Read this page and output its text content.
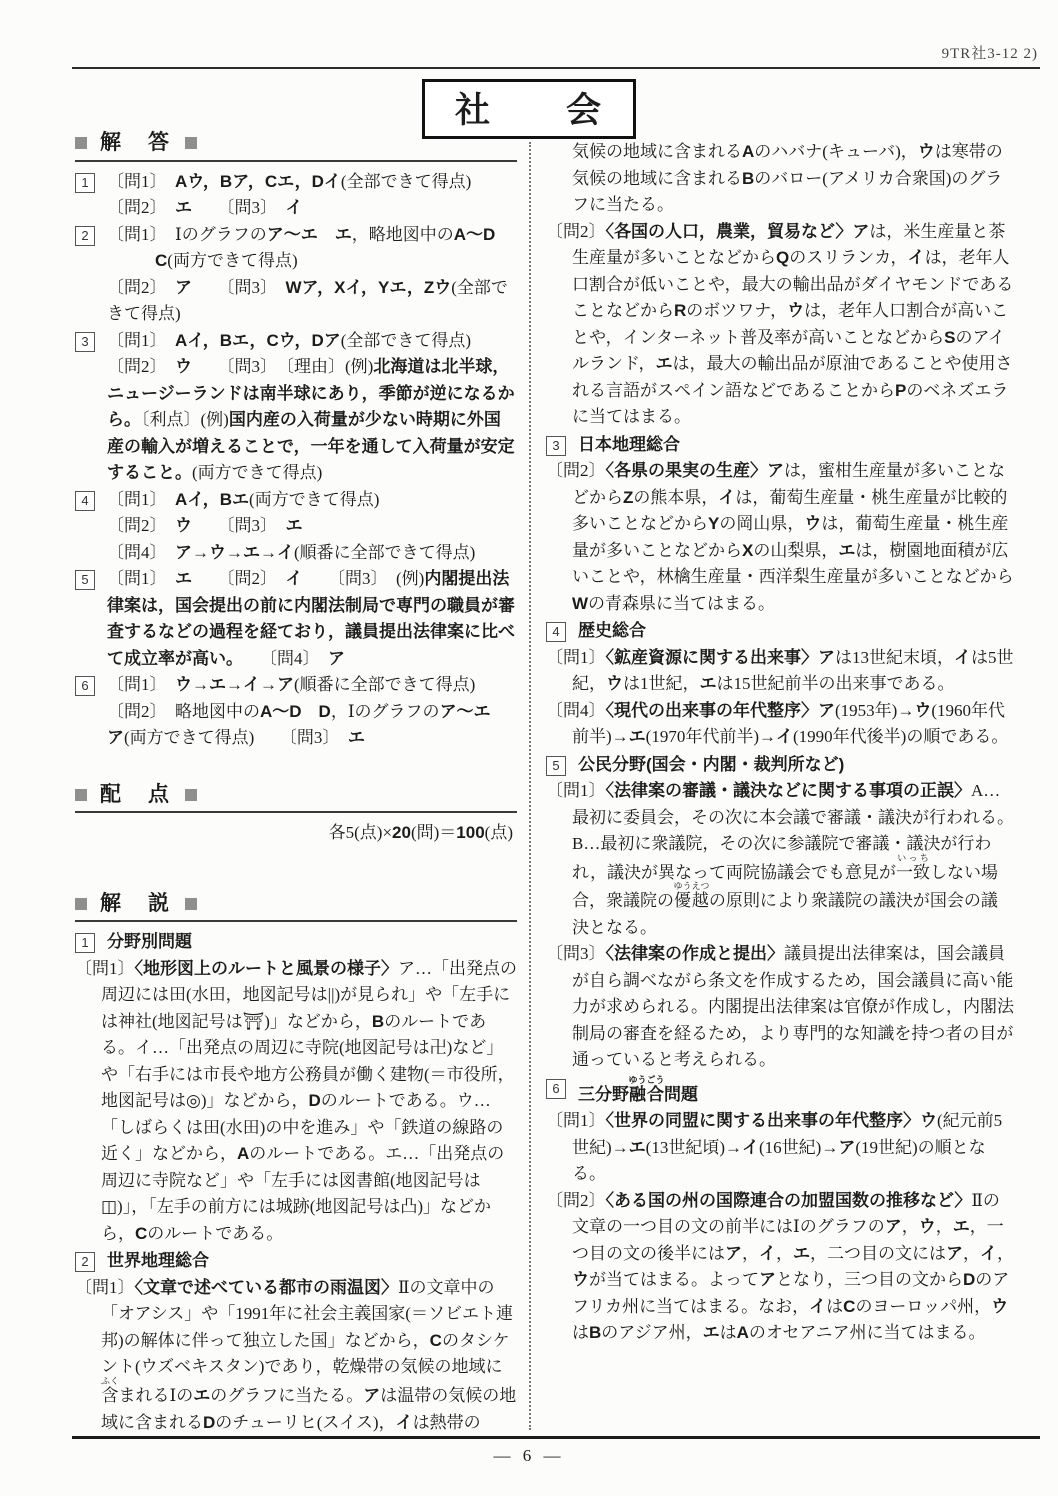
9TR社3-12 2)
社　　会
解　答
1	〔問1〕　Aウ，Bア，Cエ，Dイ(全部できて得点)
〔問2〕　エ　　〔問3〕　イ
2	〔問1〕　Ⅰのグラフのア〜エ　エ，略地図中のA〜D
C(両方できて得点)
〔問2〕　ア　　〔問3〕　Wア，Xイ，Yエ，Zウ(全部できて得点)
3	〔問1〕　Aイ，Bエ，Cウ，Dア(全部できて得点)
〔問2〕　ウ　　〔問3〕　〔理由〕(例)北海道は北半球，ニュージーランドは南半球にあり，季節が逆になるから。〔利点〕(例)国内産の入荷量が少ない時期に外国産の輸入が増えることで，一年を通して入荷量が安定すること。(両方できて得点)
4	〔問1〕　Aイ，Bエ(両方できて得点)
〔問2〕　ウ　　〔問3〕　エ
〔問4〕　ア→ウ→エ→イ(順番に全部できて得点)
5	〔問1〕　エ　　〔問2〕　イ　　〔問3〕　(例)内閣提出法律案は，国会提出の前に内閣法制局で専門の職員が審査するなどの過程を経ており，議員提出法律案に比べて成立率が高い。　　〔問4〕　ア
6	〔問1〕　ウ→エ→イ→ア(順番に全部できて得点)
〔問2〕　略地図中のA〜D　D，Ⅰのグラフのア〜エ
ア(両方できて得点)　　〔問3〕　エ
配　点
各5(点)×20(問)＝100(点)
解　説
1	分野別問題
〔問1〕〈地形図上のルートと風景の様子〉ア…「出発点の周辺には田(水田，地図記号は||)が見られ」や「左手には神社(地図記号は⛩)」などから，Bのルートである。イ…「出発点の周辺に寺院(地図記号は卍)など」や「右手には市長や地方公務員が働く建物(＝市役所，地図記号は◎)」などから，Dのルートである。ウ…「しばらくは田(水田)の中を進み」や「鉄道の線路の近く」などから，Aのルートである。エ…「出発点の周辺に寺院など」や「左手には図書館(地図記号は◫)」，「左手の前方には城跡(地図記号は凸)」などから，Cのルートである。
2	世界地理総合
〔問1〕〈文章で述べている都市の雨温図〉Ⅱの文章中の「オアシス」や「1991年に社会主義国家(＝ソビエト連邦)の解体に伴って独立した国」などから，Cのタシケント(ウズベキスタン)であり，乾燥帯の気候の地域に含ふくまれるⅠのエのグラフに当たる。アは温帯の気候の地域に含まれるDのチューリヒ(スイス)，イは熱帯の
気候の地域に含まれるAのハバナ(キューバ)，ウは寒帯の気候の地域に含まれるBのバロー(アメリカ合衆国)のグラフに当たる。
〔問2〕〈各国の人口，農業，貿易など〉アは，米生産量と茶生産量が多いことなどからQのスリランカ，イは，老年人口割合が低いことや，最大の輸出品がダイヤモンドであることなどからRのボツワナ，ウは，老年人口割合が高いことや，インターネット普及率が高いことなどからSのアイルランド，エは，最大の輸出品が原油であることや使用される言語がスペイン語などであることからPのベネズエラに当てはまる。
3	日本地理総合
〔問2〕〈各県の果実の生産〉アは，蜜柑生産量が多いことなどからZの熊本県，イは，葡萄生産量・桃生産量が比較的多いことなどからYの岡山県，ウは，葡萄生産量・桃生産量が多いことなどからXの山梨県，エは，樹園地面積が広いことや，林檎生産量・西洋梨生産量が多いことなどからWの青森県に当てはまる。
4	歴史総合
〔問1〕〈鉱産資源に関する出来事〉アは13世紀末頃，イは5世紀，ウは1世紀，エは15世紀前半の出来事である。
〔問4〕〈現代の出来事の年代整序〉ア(1953年)→ウ(1960年代前半)→エ(1970年代前半)→イ(1990年代後半)の順である。
5	公民分野(国会・内閣・裁判所など)
〔問1〕〈法律案の審議・議決などに関する事項の正誤〉A…最初に委員会，その次に本会議で審議・議決が行われる。B…最初に衆議院，その次に参議院で審議・議決が行われ，議決が異なって両院協議会でも意見が一致いっちしない場合，衆議院の優越ゆうえつの原則により衆議院の議決が国会の議決となる。
〔問3〕〈法律案の作成と提出〉議員提出法律案は，国会議員が自ら調べながら条文を作成するため，国会議員に高い能力が求められる。内閣提出法律案は官僚が作成し，内閣法制局の審査を経るため，より専門的な知識を持つ者の目が通っていると考えられる。
6	三分野融合ゆうごう問題
〔問1〕〈世界の同盟に関する出来事の年代整序〉ウ(紀元前5世紀)→エ(13世紀頃)→イ(16世紀)→ア(19世紀)の順となる。
〔問2〕〈ある国の州の国際連合の加盟国数の推移など〉Ⅱの文章の一つ目の文の前半にはⅠのグラフのア，ウ，エ，一つ目の文の後半にはア，イ，エ，二つ目の文にはア，イ，ウが当てはまる。よってアとなり，三つ目の文からDのアフリカ州に当てはまる。なお，イはCのヨーロッパ州，ウはBのアジア州，エはAのオセアニア州に当てはまる。
— 6 —
